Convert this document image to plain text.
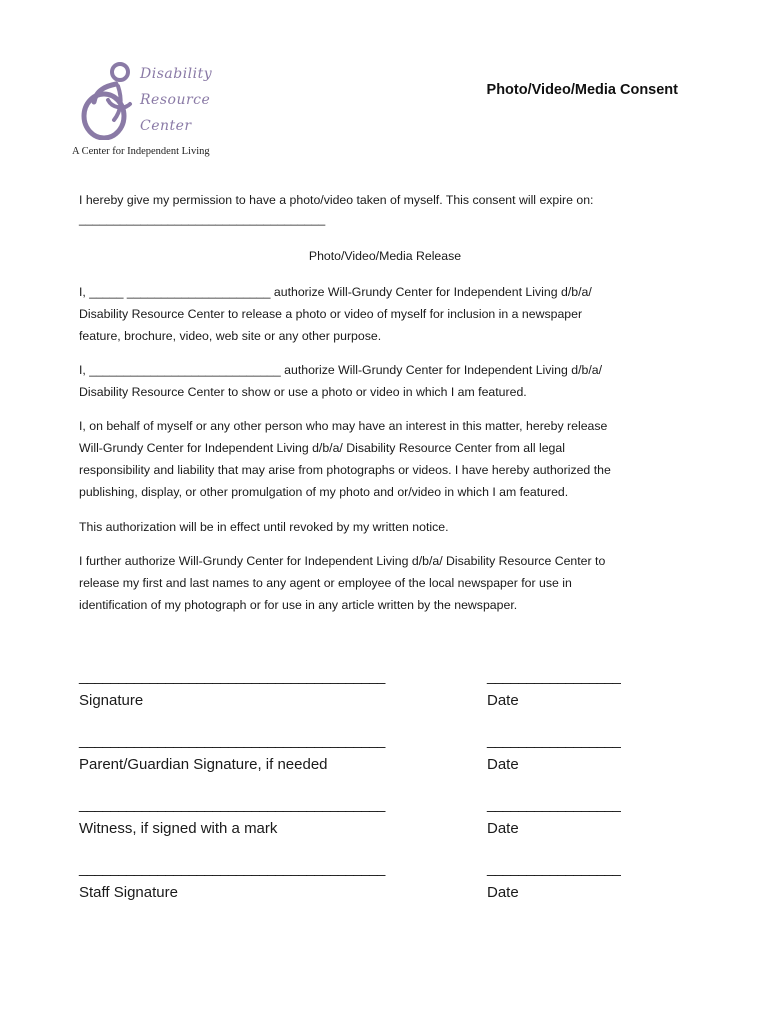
Disability
Resource
Center
A Center for Independent Living
Photo/Video/Media Consent
I hereby give my permission to have a photo/video taken of myself. This consent will expire on:
____________________________________
Photo/Video/Media Release
I, _____ _____________________ authorize Will-Grundy Center for Independent Living d/b/a/
Disability Resource Center to release a photo or video of myself for inclusion in a newspaper
feature, brochure, video, web site or any other purpose.
I, ____________________________ authorize Will-Grundy Center for Independent Living d/b/a/
Disability Resource Center to show or use a photo or video in which I am featured.
I, on behalf of myself or any other person who may have an interest in this matter, hereby release
Will-Grundy Center for Independent Living d/b/a/ Disability Resource Center from all legal
responsibility and liability that may arise from photographs or videos. I have hereby authorized the
publishing, display, or other promulgation of my photo and or/video in which I am featured.
This authorization will be in effect until revoked by my written notice.
I further authorize Will-Grundy Center for Independent Living d/b/a/ Disability Resource Center to
release my first and last names to any agent or employee of the local newspaper for use in
identification of my photograph or for use in any article written by the newspaper.
_______________________________________	_________________
Signature	Date
_______________________________________	_________________
Parent/Guardian Signature, if needed	Date
_______________________________________	_________________
Witness, if signed with a mark	Date
_______________________________________	_________________
Staff Signature	Date
